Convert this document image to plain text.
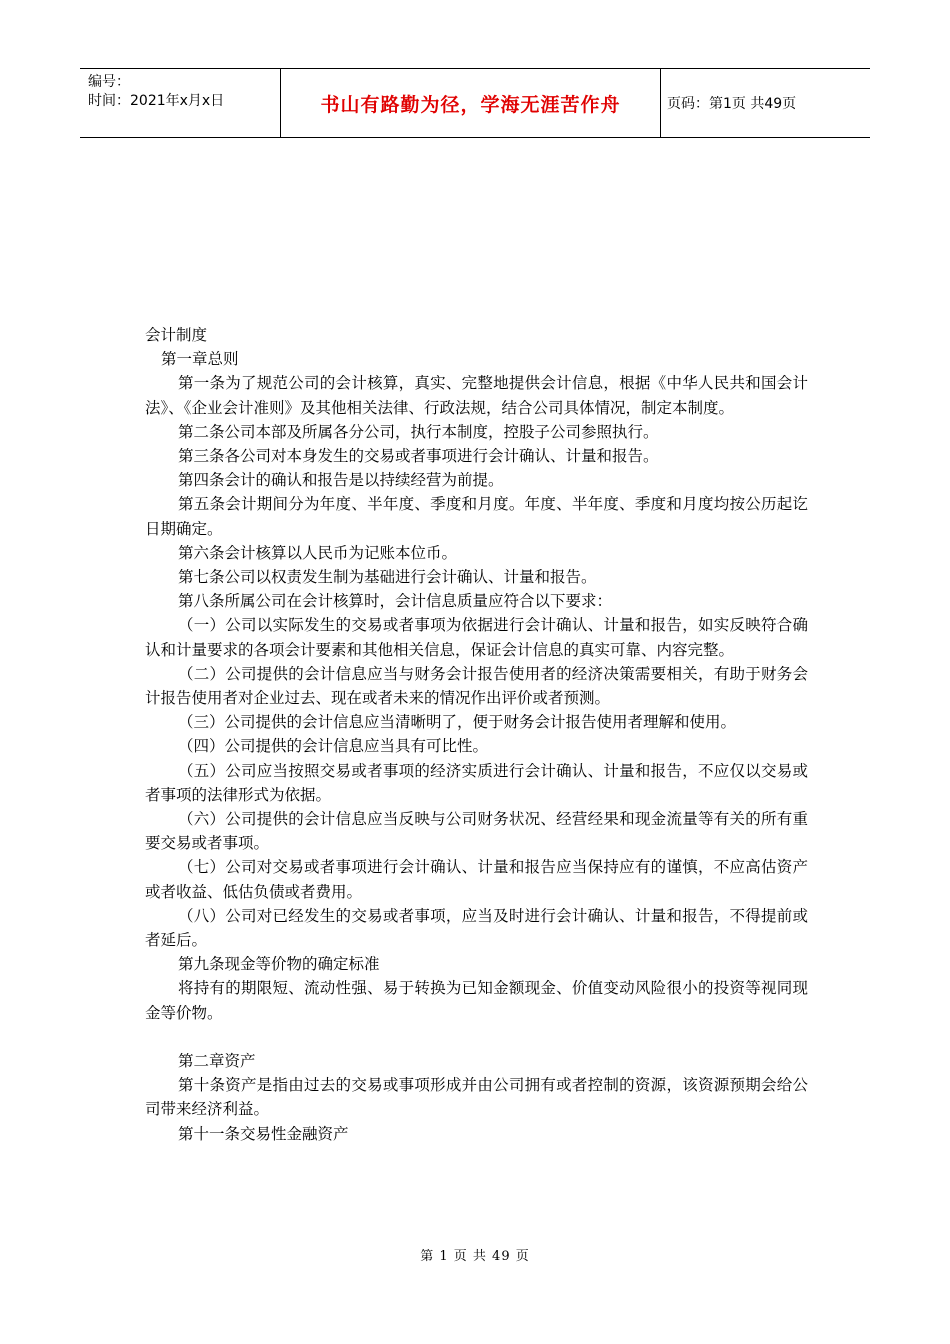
编号：
时间：2021年x月x日	书山有路勤为径，学海无涯苦作舟	页码：第1页 共49页

会计制度

第一章总则

第一条为了规范公司的会计核算，真实、完整地提供会计信息，根据《中华人民共和国会计法》、《企业会计准则》及其他相关法律、行政法规，结合公司具体情况，制定本制度。

第二条公司本部及所属各分公司，执行本制度，控股子公司参照执行。

第三条各公司对本身发生的交易或者事项进行会计确认、计量和报告。

第四条会计的确认和报告是以持续经营为前提。

第五条会计期间分为年度、半年度、季度和月度。年度、半年度、季度和月度均按公历起讫日期确定。

第六条会计核算以人民币为记账本位币。

第七条公司以权责发生制为基础进行会计确认、计量和报告。

第八条所属公司在会计核算时，会计信息质量应符合以下要求：

（一）公司以实际发生的交易或者事项为依据进行会计确认、计量和报告，如实反映符合确认和计量要求的各项会计要素和其他相关信息，保证会计信息的真实可靠、内容完整。

（二）公司提供的会计信息应当与财务会计报告使用者的经济决策需要相关，有助于财务会计报告使用者对企业过去、现在或者未来的情况作出评价或者预测。

（三）公司提供的会计信息应当清晰明了，便于财务会计报告使用者理解和使用。

（四）公司提供的会计信息应当具有可比性。

（五）公司应当按照交易或者事项的经济实质进行会计确认、计量和报告，不应仅以交易或者事项的法律形式为依据。

（六）公司提供的会计信息应当反映与公司财务状况、经营经果和现金流量等有关的所有重要交易或者事项。

（七）公司对交易或者事项进行会计确认、计量和报告应当保持应有的谨慎，不应高估资产或者收益、低估负债或者费用。

（八）公司对已经发生的交易或者事项，应当及时进行会计确认、计量和报告，不得提前或者延后。

第九条现金等价物的确定标准

将持有的期限短、流动性强、易于转换为已知金额现金、价值变动风险很小的投资等视同现金等价物。

第二章资产

第十条资产是指由过去的交易或事项形成并由公司拥有或者控制的资源，该资源预期会给公司带来经济利益。

第十一条交易性金融资产

第 1 页 共 49 页
